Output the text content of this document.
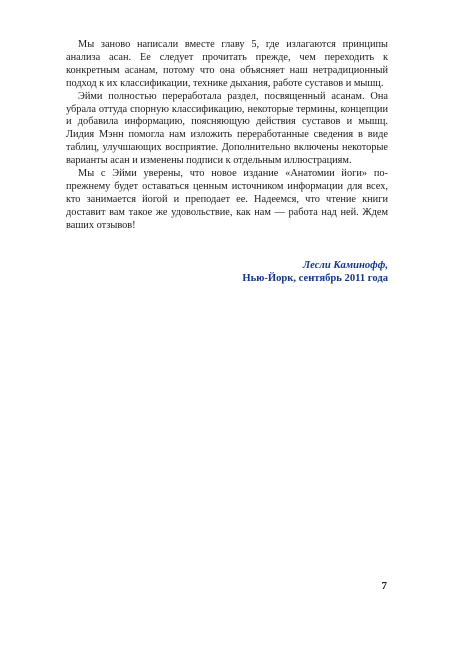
Мы заново написали вместе главу 5, где излагаются принципы анализа асан. Ее следует прочитать прежде, чем переходить к конкретным асанам, потому что она объясняет наш нетрадиционный подход к их классификации, технике дыхания, работе суставов и мышц.

Эйми полностью переработала раздел, посвященный асанам. Она убрала оттуда спорную классификацию, некоторые термины, концепции и добавила информацию, поясняющую действия суставов и мышц. Лидия Мэнн помогла нам изложить переработанные сведения в виде таблиц, улучшающих восприятие. Дополнительно включены некоторые варианты асан и изменены подписи к отдельным иллюстрациям.

Мы с Эйми уверены, что новое издание «Анатомии йоги» по-прежнему будет оставаться ценным источником информации для всех, кто занимается йогой и преподает ее. Надеемся, что чтение книги доставит вам такое же удовольствие, как нам — работа над ней. Ждем ваших отзывов!

Лесли Каминофф,
Нью-Йорк, сентябрь 2011 года
7
